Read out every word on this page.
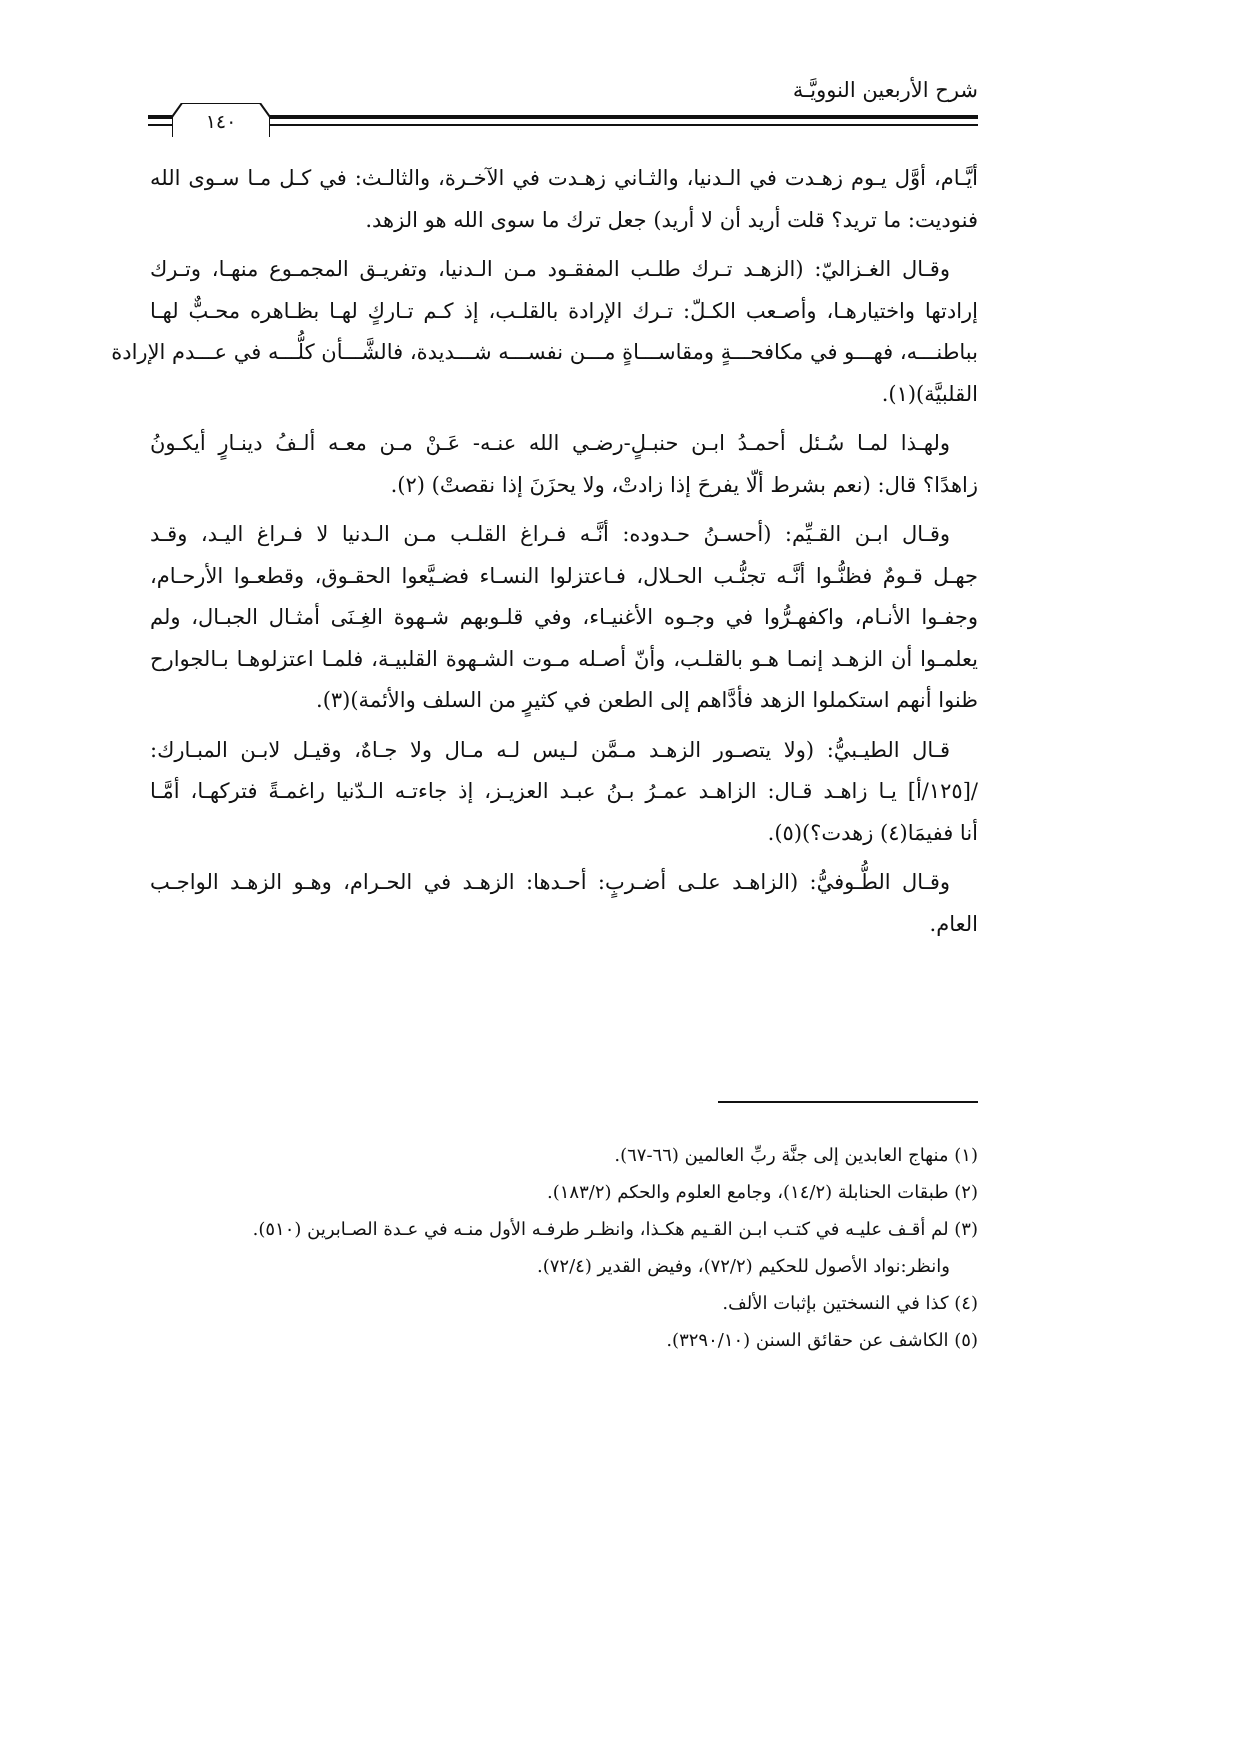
شرح الأربعين النوويَّـة
١٤٠
أيَّـام، أوَّل يـوم زهـدت في الـدنيا، والثـاني زهـدت في الآخـرة، والثالـث: في كـل مـا سـوى الله
فنوديت: ما تريد؟ قلت أريد أن لا أريد) جعل ترك ما سوى الله هو الزهد.
وقـال الغـزاليّ: (الزهـد تـرك طلـب المفقـود مـن الـدنيا، وتفريـق المجمـوع منهـا، وتـرك
إرادتها واختيارهـا، وأصـعب الكـلّ: تـرك الإرادة بالقلـب، إذ كـم تـاركٍ لهـا بظـاهره محـبٌّ لهـا
بباطنـــه، فهـــو في مكافحـــةٍ ومقاســـاةٍ مـــن نفســـه شـــديدة، فالشَّـــأن كلُّـــه في عـــدم الإرادة
القلبيَّة)(١).
ولهـذا لمـا سُـئل أحمـدُ ابـن حنبـلٍ-رضـي الله عنـه- عَـنْ مـن معـه ألـفُ دينـارٍ أيكـونُ
زاهدًا؟ قال: (نعم بشرط ألّا يفرحَ إذا زادتْ، ولا يحزَنَ إذا نقصتْ) (٢).
وقـال ابـن القـيِّم: (أحسـنُ حـدوده: أنَّـه فـراغ القلـب مـن الـدنيا لا فـراغ اليـد، وقـد
جهـل قـومٌ فظنُّـوا أنَّـه تجنُّـب الحـلال، فـاعتزلوا النسـاء فضـيَّعوا الحقـوق، وقطعـوا الأرحـام،
وجفـوا الأنـام، واكفهـرُّوا في وجـوه الأغنيـاء، وفي قلـوبهم شـهوة الغِـنَى أمثـال الجبـال، ولم
يعلمـوا أن الزهـد إنمـا هـو بالقلـب، وأنّ أصـله مـوت الشـهوة القلبيـة، فلمـا اعتزلوهـا بـالجوارح
ظنوا أنهم استكملوا الزهد فأدَّاهم إلى الطعن في كثيرٍ من السلف والأئمة)(٣).
قـال الطيـبيُّ: (ولا يتصـور الزهـد مـمَّن لـيس لـه مـال ولا جـاهٌ، وقيـل لابـن المبـارك:
/[١٢٥/أ] يـا زاهـد قـال: الزاهـد عمـرُ بـنُ عبـد العزيـز، إذ جاءتـه الـدّنيا راغمـةً فتركهـا، أمَّـا
أنا ففيمَا(٤) زهدت؟)(٥).
وقـال الطُّـوفيُّ: (الزاهـد علـى أضـربٍ: أحـدها: الزهـد في الحـرام، وهـو الزهـد الواجـب
العام.
(١) منهاج العابدين إلى جنَّة ربِّ العالمين (٦٦-٦٧).
(٢) طبقات الحنابلة (١٤/٢)، وجامع العلوم والحكم (١٨٣/٢).
(٣) لم أقـف عليـه في كتـب ابـن القـيم هكـذا، وانظـر طرفـه الأول منـه في عـدة الصـابرين (٥١٠).
وانظر:نواد الأصول للحكيم (٧٢/٢)، وفيض القدير (٧٢/٤).
(٤) كذا في النسختين بإثبات الألف.
(٥) الكاشف عن حقائق السنن (٣٢٩٠/١٠).
